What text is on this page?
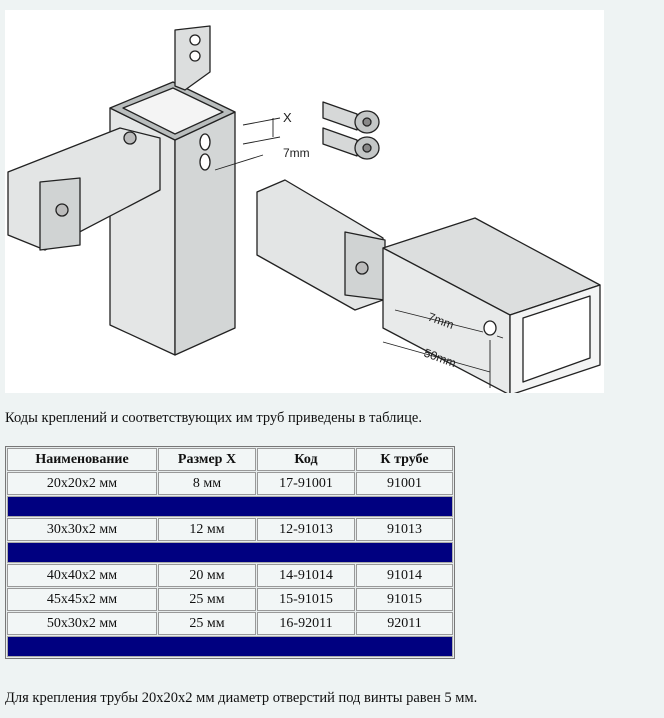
X
7mm
7mm
50mm
Коды креплений и соответствующих им труб приведены в таблице.
Наименование	Размер X	Код	К трубе
20x20x2 мм	8 мм	17-91001	91001

30x30x2 мм	12 мм	12-91013	91013

40x40x2 мм	20 мм	14-91014	91014
45x45x2 мм	25 мм	15-91015	91015
50x30x2 мм	25 мм	16-92011	92011

Для крепления трубы 20x20x2 мм диаметр отверстий под винты равен 5 мм.
